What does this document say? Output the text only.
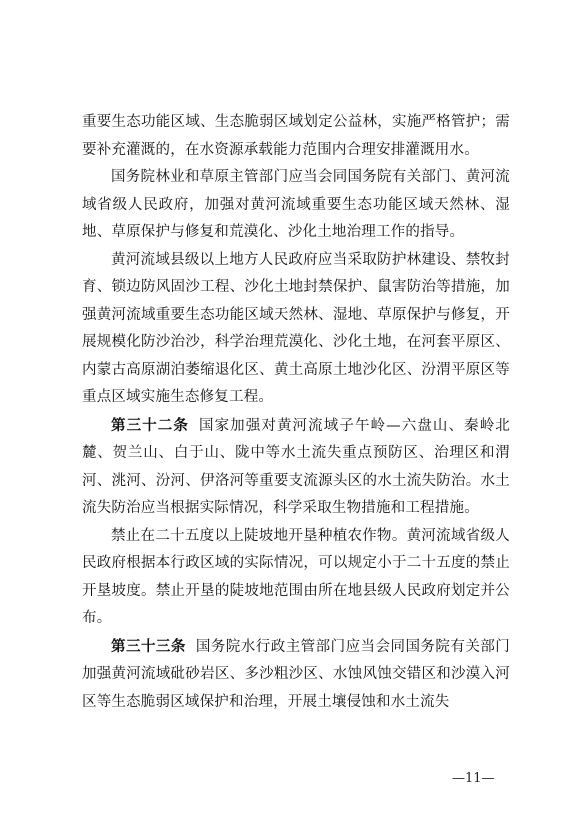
重要生态功能区域、生态脆弱区域划定公益林，实施严格管护；需要补充灌溉的，在水资源承载能力范围内合理安排灌溉用水。

国务院林业和草原主管部门应当会同国务院有关部门、黄河流域省级人民政府，加强对黄河流域重要生态功能区域天然林、湿地、草原保护与修复和荒漠化、沙化土地治理工作的指导。

黄河流域县级以上地方人民政府应当采取防护林建设、禁牧封育、锁边防风固沙工程、沙化土地封禁保护、鼠害防治等措施，加强黄河流域重要生态功能区域天然林、湿地、草原保护与修复，开展规模化防沙治沙，科学治理荒漠化、沙化土地，在河套平原区、内蒙古高原湖泊萎缩退化区、黄土高原土地沙化区、汾渭平原区等重点区域实施生态修复工程。

第三十二条 国家加强对黄河流域子午岭—六盘山、秦岭北麓、贺兰山、白于山、陇中等水土流失重点预防区、治理区和渭河、洮河、汾河、伊洛河等重要支流源头区的水土流失防治。水土流失防治应当根据实际情况，科学采取生物措施和工程措施。

禁止在二十五度以上陡坡地开垦种植农作物。黄河流域省级人民政府根据本行政区域的实际情况，可以规定小于二十五度的禁止开垦坡度。禁止开垦的陡坡地范围由所在地县级人民政府划定并公布。

第三十三条 国务院水行政主管部门应当会同国务院有关部门加强黄河流域砒砂岩区、多沙粗沙区、水蚀风蚀交错区和沙漠入河区等生态脆弱区域保护和治理，开展土壤侵蚀和水土流失

—11—
